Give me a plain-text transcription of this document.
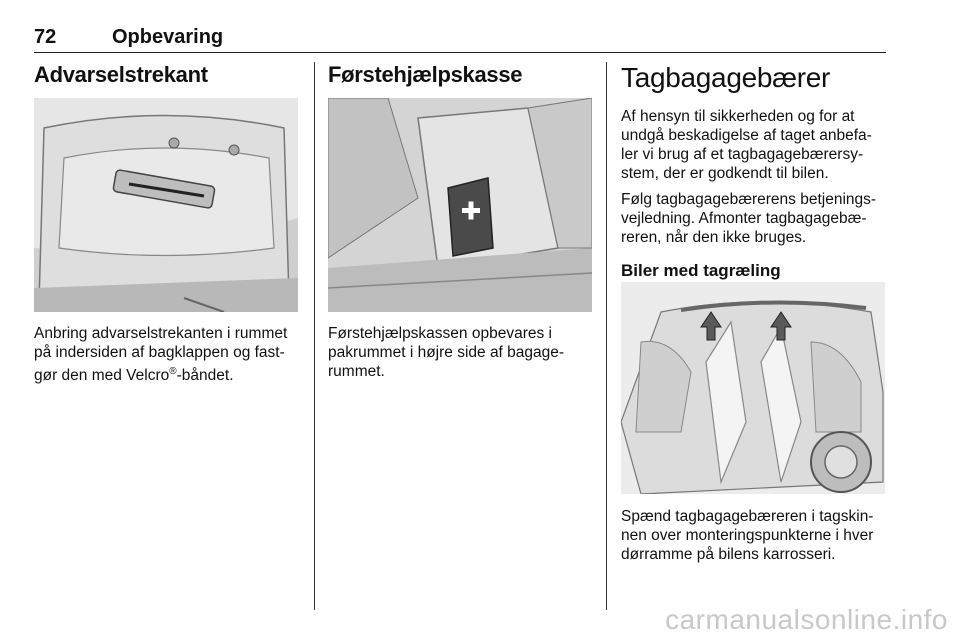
72	Opbevaring
Advarselstrekant

Anbring advarselstrekanten i rummet

på indersiden af bagklappen og fast-

gør den med Velcro®-båndet.

Førstehjælpskasse

Førstehjælpskassen opbevares i

pakrummet i højre side af bagage-

rummet.

Tagbagagebærer

Af hensyn til sikkerheden og for at

undgå beskadigelse af taget anbefa-

ler vi brug af et tagbagagebærersy-

stem, der er godkendt til bilen.

Følg tagbagagebærerens betjenings-

vejledning. Afmonter tagbagagebæ-

reren, når den ikke bruges.

Biler med tagræling

Spænd tagbagagebæreren i tagskin-

nen over monteringspunkterne i hver

dørramme på bilens karrosseri.

carmanualsonline.info
